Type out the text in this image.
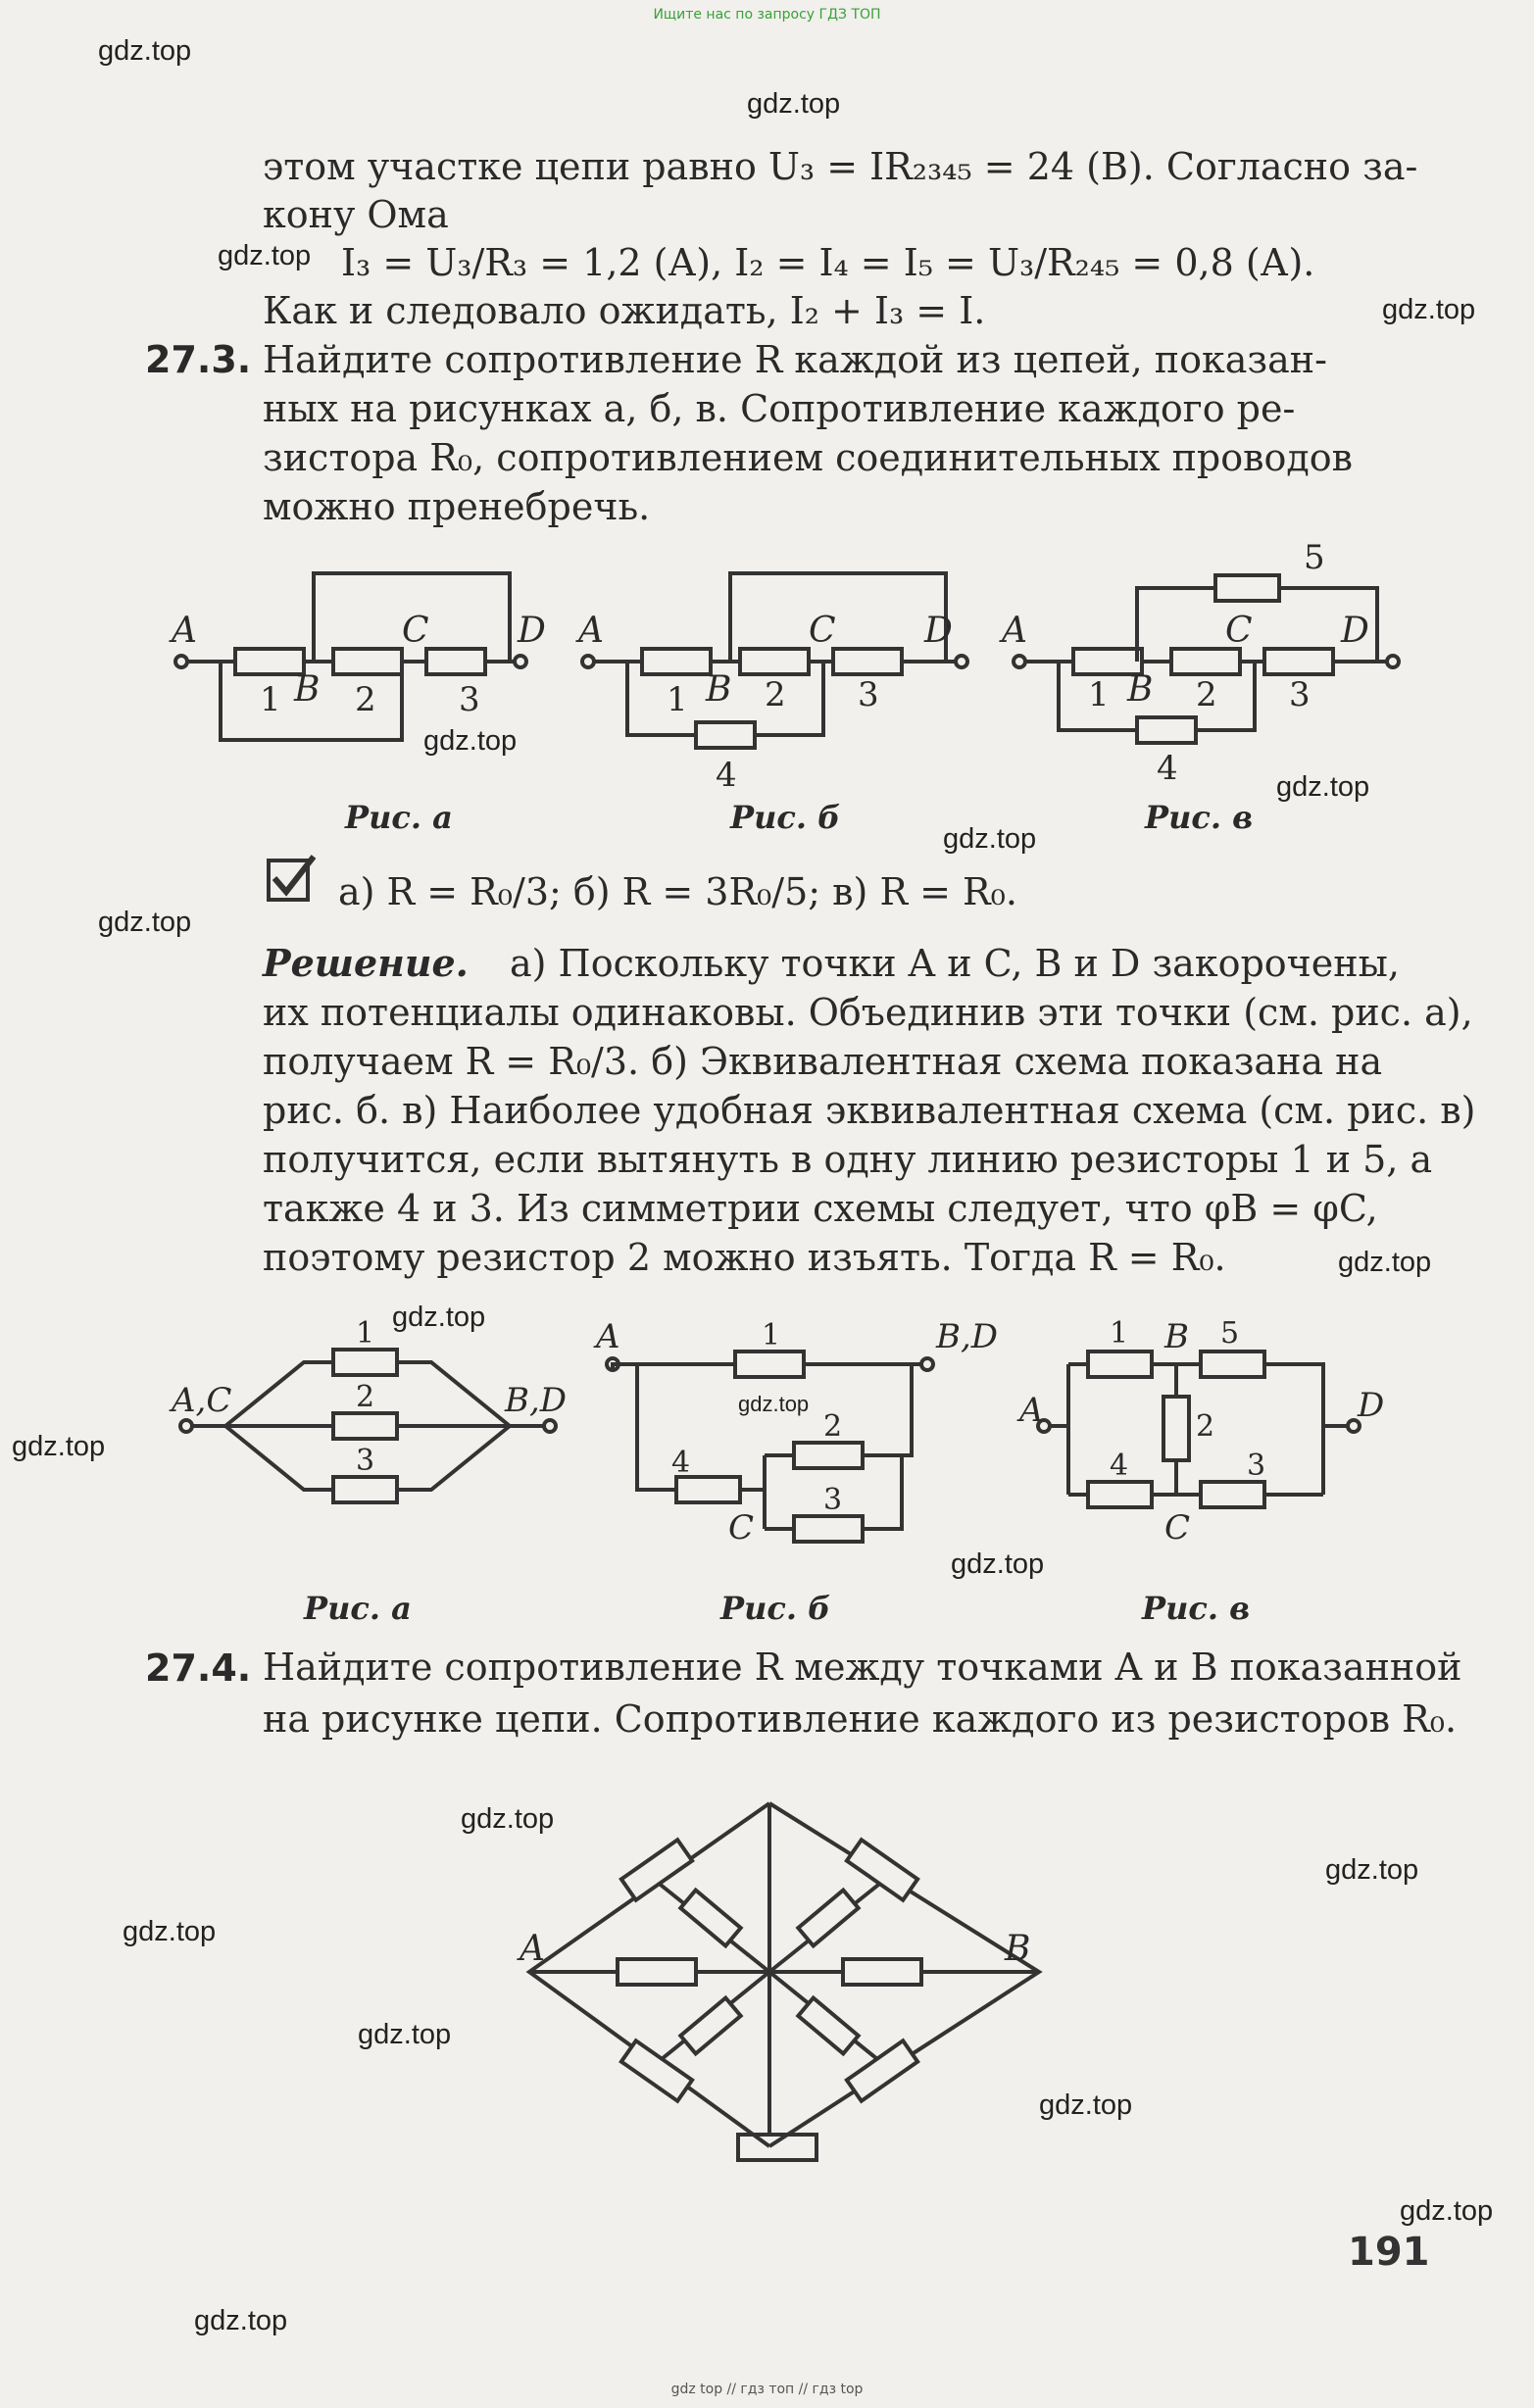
Ищите нас по запросу ГДЗ ТОП
этом участке цепи равно U₃ = IR₂₃₄₅ = 24 (В). Согласно за-
кону Ома
I₃ = U₃/R₃ = 1,2 (А), I₂ = I₄ = I₅ = U₃/R₂₄₅ = 0,8 (А).
Как и следовало ожидать, I₂ + I₃ = I.
27.3. Найдите сопротивление R каждой из цепей, показан-
ных на рисунках а, б, в. Сопротивление каждого ре-
зистора R₀, сопротивлением соединительных проводов
можно пренебречь.
A
B
C	D A
B
C	D A
B
C	D
1 2 3	1 2 3
4
1	2 3
4
5
Рис. а	Рис. б	Рис. в
а) R = R₀/3; б) R = 3R₀/5; в) R = R₀.
Решение. а) Поскольку точки A и C, B и D закорочены,
их потенциалы одинаковы. Объединив эти точки (см. рис. а),
получаем R = R₀/3. б) Эквивалентная схема показана на
рис. б. в) Наиболее удобная эквивалентная схема (см. рис. в)
получится, если вытянуть в одну линию резисторы 1 и 5, а
также 4 и 3. Из симметрии схемы следует, что φB = φC,
поэтому резистор 2 можно изъять. Тогда R = R₀.
A,C	B,D
A	B,D
C
A
B
C
D
1
2
3
1
2
3
4
1	5
2
4	3
Рис. а	Рис. б	Рис. в
27.4. Найдите сопротивление R между точками A и B показанной
на рисунке цепи. Сопротивление каждого из резисторов R₀.
A	B
191
gdz.top
gdz.top
gdz.top
gdz.top
gdz.top
gdz.top
gdz.top
gdz.top
gdz.top
gdz.top
gdz.top
gdz.top
gdz.top
gdz.top
gdz.top
gdz.top
gdz.top
gdz.top
gdz.top
gdz.top
gdz top // гдз топ // гдз top
